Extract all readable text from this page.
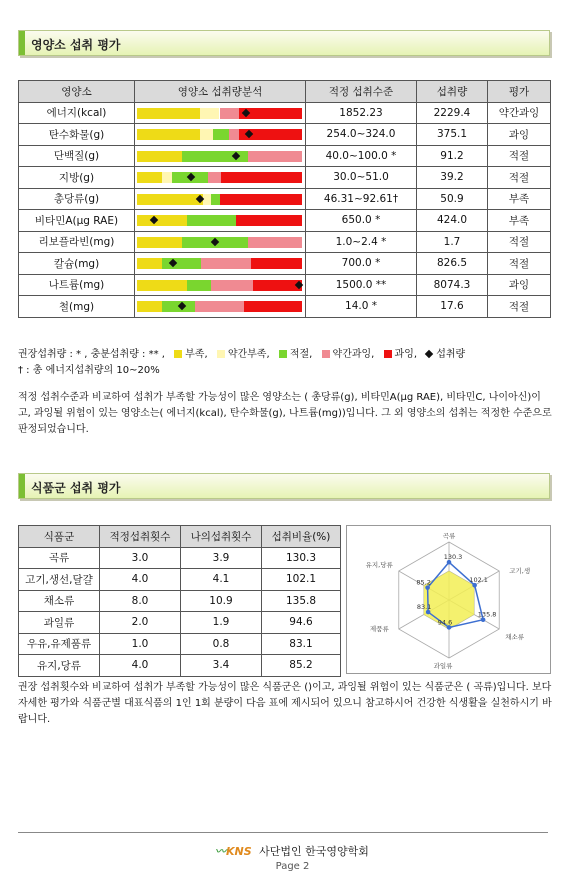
영양소 섭취 평가
영양소	영양소 섭취량분석	적정 섭취수준	섭취량	평가
에너지(kcal)		1852.23	2229.4	약간과잉
탄수화물(g)		254.0~324.0	375.1	과잉
단백질(g)		40.0~100.0 *	91.2	적절
지방(g)		30.0~51.0	39.2	적절
총당류(g)		46.31~92.61†	50.9	부족
비타민A(μg RAE)		650.0 *	424.0	부족
리보플라빈(mg)		1.0~2.4 *	1.7	적절
칼슘(mg)		700.0 *	826.5	적절
나트륨(mg)		1500.0 **	8074.3	과잉
철(mg)		14.0 *	17.6	적절
권장섭취량 : * , 충분섭취량 : ** , 부족, 약간부족, 적절, 약간과잉, 과잉, 섭취량
† : 총 에너지섭취량의 10~20%

적정 섭취수준과 비교하여 섭취가 부족할 가능성이 많은 영양소는 ( 총당류(g), 비타민A(μg RAE), 비타민C, 나이아신)이고, 과잉될 위험이 있는 영양소는( 에너지(kcal), 탄수화물(g), 나트륨(mg))입니다. 그 외 영양소의 섭취는 적정한 수준으로 판정되었습니다.

식품군 섭취 평가
식품군	적정섭취횟수	나의섭취횟수	섭취비율(%)
곡류	3.0	3.9	130.3
고기,생선,달걀	4.0	4.1	102.1
채소류	8.0	10.9	135.8
과일류	2.0	1.9	94.6
우유,유제품류	1.0	0.8	83.1
유지,당류	4.0	3.4	85.2
130.3
102.1
135.8
94.6
83.1
85.2
곡류
고기,생
채소류
과일류
제품류
유지,당류

권장 섭취횟수와 비교하여 섭취가 부족할 가능성이 많은 식품군은 ()이고, 과잉될 위험이 있는 식품군은 ( 곡류)입니다. 보다 자세한 평가와 식품군별 대표식품의 1인 1회 분량이 다음 표에 제시되어 있으니 참고하시어 건강한 식생활을 실천하시기 바랍니다.

〰KNS 사단법인 한국영양학회
Page 2
